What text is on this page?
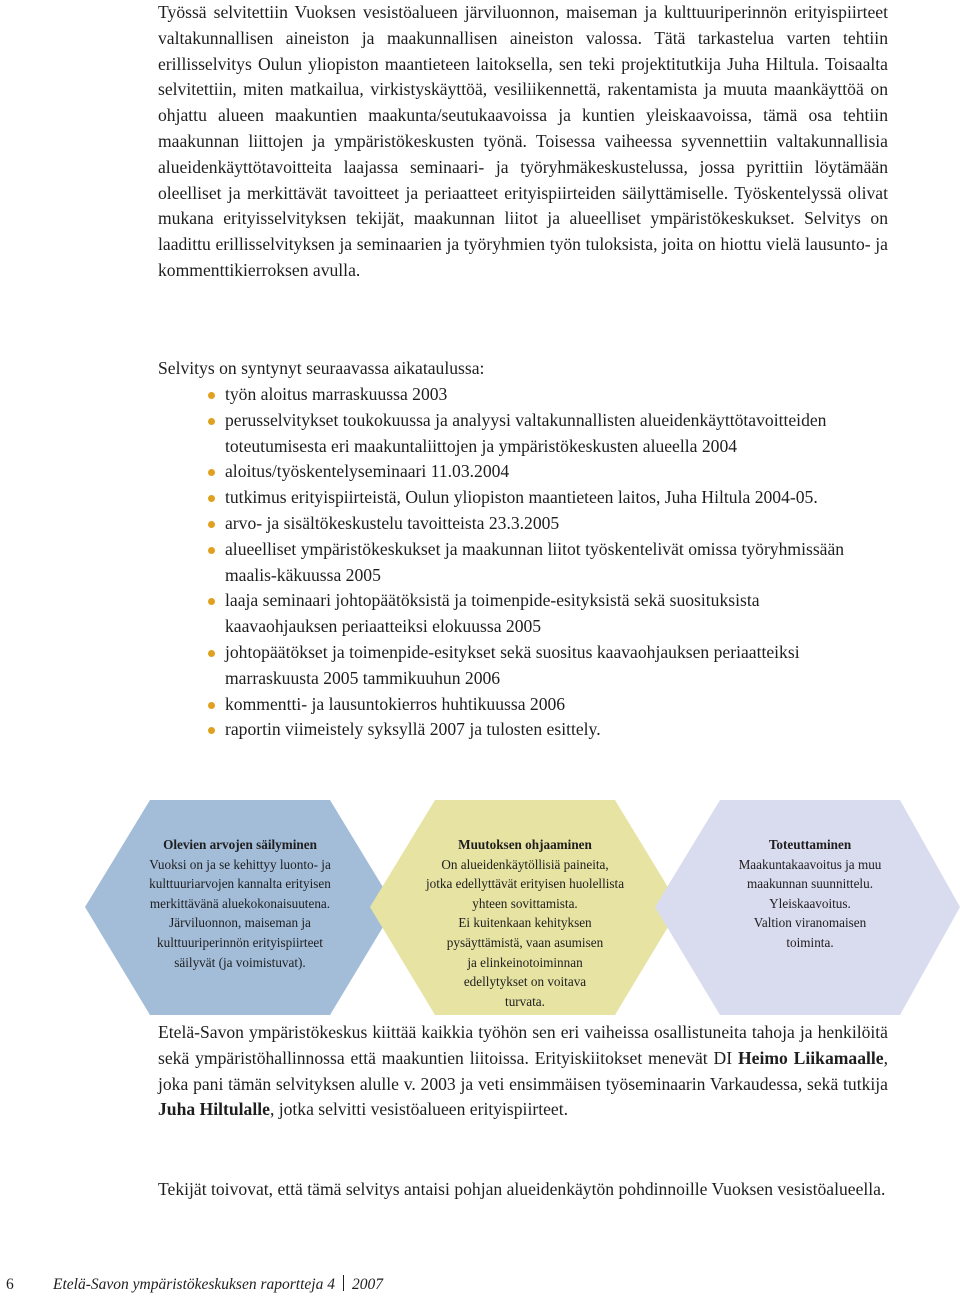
Työssä selvitettiin Vuoksen vesistöalueen järviluonnon, maiseman ja kulttuuriperinnön erityispiirteet valtakunnallisen aineiston ja maakunnallisen aineiston valossa. Tätä tarkastelua varten tehtiin erillisselvitys Oulun yliopiston maantieteen laitoksella, sen teki projektitutkija Juha Hiltula. Toisaalta selvitettiin, miten matkailua, virkistyskäyttöä, vesiliikennettä, rakentamista ja muuta maankäyttöä on ohjattu alueen maakuntien maakunta/seutukaavoissa ja kuntien yleiskaavoissa, tämä osa tehtiin maakunnan liittojen ja ympäristökeskusten työnä. Toisessa vaiheessa syvennettiin valtakunnallisia alueidenkäyttötavoitteita laajassa seminaari- ja työryhmäkeskustelussa, jossa pyrittiin löytämään oleelliset ja merkittävät tavoitteet ja periaatteet erityispiirteiden säilyttämiselle. Työskentelyssä olivat mukana erityisselvityksen tekijät, maakunnan liitot ja alueelliset ympäristökeskukset. Selvitys on laadittu erillisselvityksen ja seminaarien ja työryhmien työn tuloksista, joita on hiottu vielä lausunto- ja kommenttikierroksen avulla.
Selvitys on syntynyt seuraavassa aikataulussa:
työn aloitus marraskuussa 2003
perusselvitykset toukokuussa ja analyysi valtakunnallisten alueidenkäyttötavoitteiden toteutumisesta eri maakuntaliittojen ja ympäristökeskusten alueella 2004
aloitus/työskentelyseminaari 11.03.2004
tutkimus erityispiirteistä, Oulun yliopiston maantieteen laitos, Juha Hiltula 2004-05.
arvo- ja sisältökeskustelu tavoitteista 23.3.2005
alueelliset ympäristökeskukset ja maakunnan liitot työskentelivät omissa työryhmissään maalis-käkuussa 2005
laaja seminaari johtopäätöksistä ja toimenpide-esityksistä sekä suosituksista kaavaohjauksen periaatteiksi elokuussa 2005
johtopäätökset ja toimenpide-esitykset sekä suositus kaavaohjauksen periaatteiksi marraskuusta 2005 tammikuuhun 2006
kommentti- ja lausuntokierros huhtikuussa 2006
raportin viimeistely syksyllä 2007 ja tulosten esittely.
Olevien arvojen säilyminen
Vuoksi on ja se kehittyy luonto- ja
kulttuuriarvojen kannalta erityisen
merkittävänä aluekokonaisuutena.
Järviluonnon, maiseman ja
kulttuuriperinnön erityispiirteet
säilyvät (ja voimistuvat).
Muutoksen ohjaaminen
On alueidenkäytöllisiä paineita,
jotka edellyttävät erityisen huolellista
yhteen sovittamista.
Ei kuitenkaan kehityksen
pysäyttämistä, vaan asumisen
ja elinkeinotoiminnan
edellytykset on voitava
turvata.
Toteuttaminen
Maakuntakaavoitus ja muu
maakunnan suunnittelu.
Yleiskaavoitus.
Valtion viranomaisen
toiminta.
Etelä-Savon ympäristökeskus kiittää kaikkia työhön sen eri vaiheissa osallistuneita tahoja ja henkilöitä sekä ympäristöhallinnossa että maakuntien liitoissa. Erityiskiitokset menevät DI Heimo Liikamaalle, joka pani tämän selvityksen alulle v. 2003 ja veti ensimmäisen työseminaarin Varkaudessa, sekä tutkija Juha Hiltulalle, jotka selvitti vesistöalueen erityispiirteet.
Tekijät toivovat, että tämä selvitys antaisi pohjan alueidenkäytön pohdinnoille Vuoksen vesistöalueella.
6	Etelä-Savon ympäristökeskuksen raportteja 4 2007
